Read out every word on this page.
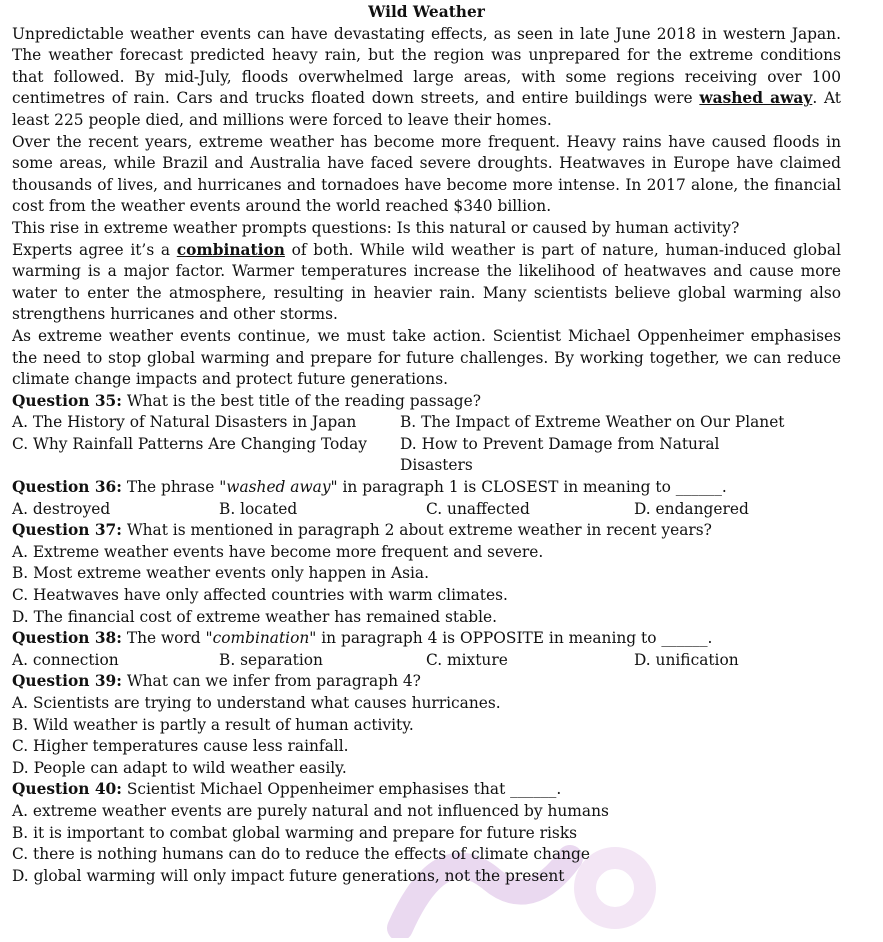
Wild Weather

Unpredictable weather events can have devastating effects, as seen in late June 2018 in western Japan. The weather forecast predicted heavy rain, but the region was unprepared for the extreme conditions that followed. By mid-July, floods overwhelmed large areas, with some regions receiving over 100 centimetres of rain. Cars and trucks floated down streets, and entire buildings were washed away. At least 225 people died, and millions were forced to leave their homes.

Over the recent years, extreme weather has become more frequent. Heavy rains have caused floods in some areas, while Brazil and Australia have faced severe droughts. Heatwaves in Europe have claimed thousands of lives, and hurricanes and tornadoes have become more intense. In 2017 alone, the financial cost from the weather events around the world reached $340 billion.

This rise in extreme weather prompts questions: Is this natural or caused by human activity?

Experts agree it’s a combination of both. While wild weather is part of nature, human-induced global warming is a major factor. Warmer temperatures increase the likelihood of heatwaves and cause more water to enter the atmosphere, resulting in heavier rain. Many scientists believe global warming also strengthens hurricanes and other storms.

As extreme weather events continue, we must take action. Scientist Michael Oppenheimer emphasises the need to stop global warming and prepare for future challenges. By working together, we can reduce climate change impacts and protect future generations.

Question 35: What is the best title of the reading passage?

A. The History of Natural Disasters in Japan	B. The Impact of Extreme Weather on Our Planet
C. Why Rainfall Patterns Are Changing Today	D. How to Prevent Damage from Natural Disasters

Question 36: The phrase "washed away" in paragraph 1 is CLOSEST in meaning to ______.

A. destroyed	B. located	C. unaffected	D. endangered

Question 37: What is mentioned in paragraph 2 about extreme weather in recent years?

A. Extreme weather events have become more frequent and severe.

B. Most extreme weather events only happen in Asia.

C. Heatwaves have only affected countries with warm climates.

D. The financial cost of extreme weather has remained stable.

Question 38: The word "combination" in paragraph 4 is OPPOSITE in meaning to ______.

A. connection	B. separation	C. mixture	D. unification

Question 39: What can we infer from paragraph 4?

A. Scientists are trying to understand what causes hurricanes.

B. Wild weather is partly a result of human activity.

C. Higher temperatures cause less rainfall.

D. People can adapt to wild weather easily.

Question 40: Scientist Michael Oppenheimer emphasises that ______.

A. extreme weather events are purely natural and not influenced by humans

B. it is important to combat global warming and prepare for future risks

C. there is nothing humans can do to reduce the effects of climate change

D. global warming will only impact future generations, not the present
